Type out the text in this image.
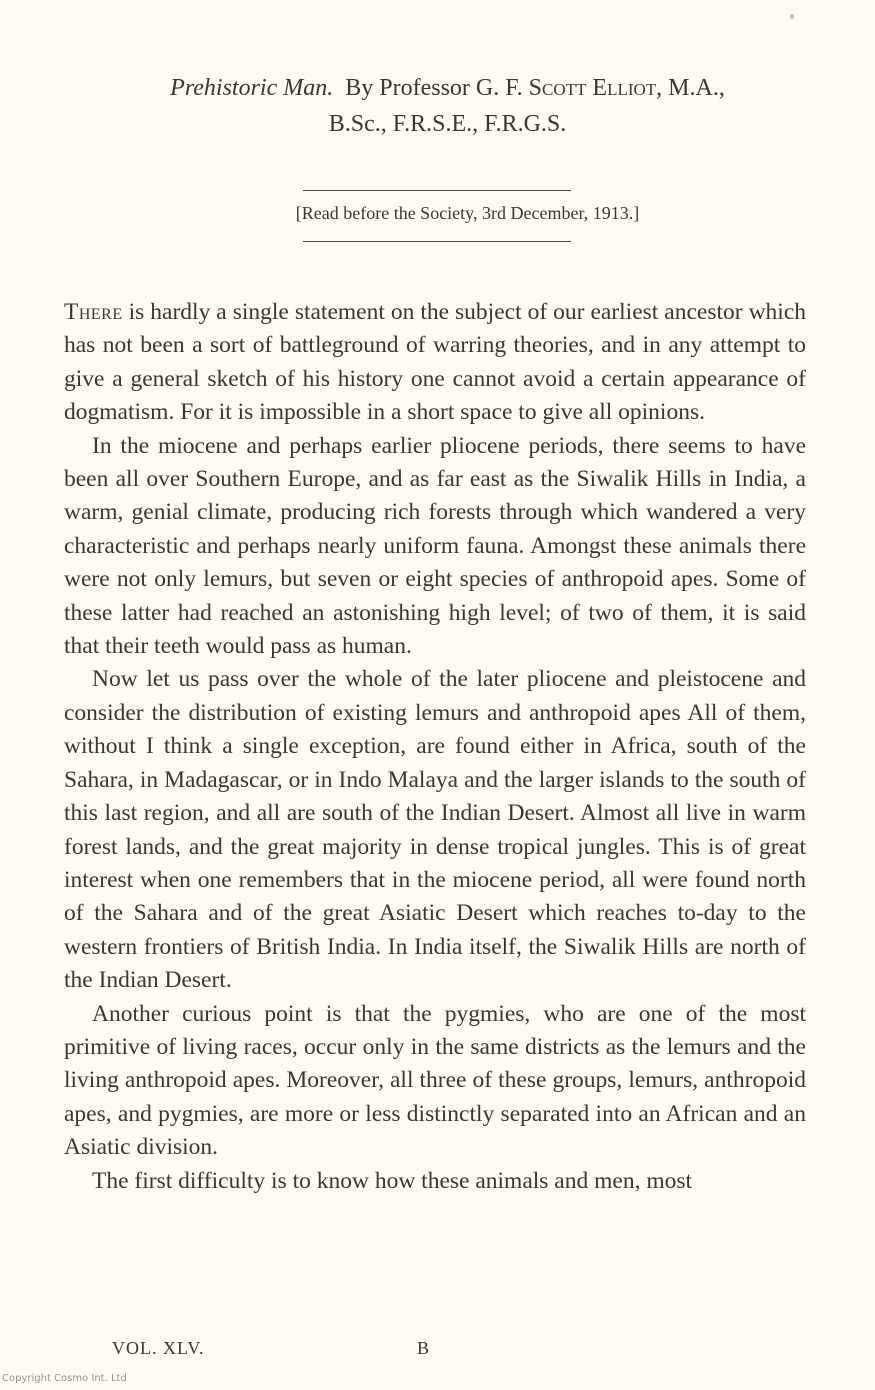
Prehistoric Man. By Professor G. F. Scott Elliot, M.A.,
B.Sc., F.R.S.E., F.R.G.S.
[Read before the Society, 3rd December, 1913.]

There is hardly a single statement on the subject of our earliest ancestor which has not been a sort of battleground of warring theories, and in any attempt to give a general sketch of his history one cannot avoid a certain appearance of dogmatism. For it is impossible in a short space to give all opinions.

In the miocene and perhaps earlier pliocene periods, there seems to have been all over Southern Europe, and as far east as the Siwalik Hills in India, a warm, genial climate, producing rich forests through which wandered a very characteristic and perhaps nearly uniform fauna. Amongst these animals there were not only lemurs, but seven or eight species of anthropoid apes. Some of these latter had reached an astonishing high level; of two of them, it is said that their teeth would pass as human.

Now let us pass over the whole of the later pliocene and pleistocene and consider the distribution of existing lemurs and anthropoid apes All of them, without I think a single exception, are found either in Africa, south of the Sahara, in Madagascar, or in Indo Malaya and the larger islands to the south of this last region, and all are south of the Indian Desert. Almost all live in warm forest lands, and the great majority in dense tropical jungles. This is of great interest when one remembers that in the miocene period, all were found north of the Sahara and of the great Asiatic Desert which reaches to-day to the western frontiers of British India. In India itself, the Siwalik Hills are north of the Indian Desert.

Another curious point is that the pygmies, who are one of the most primitive of living races, occur only in the same districts as the lemurs and the living anthropoid apes. Moreover, all three of these groups, lemurs, anthropoid apes, and pygmies, are more or less distinctly separated into an African and an Asiatic division.

The first difficulty is to know how these animals and men, most

VOL. XLV.	B
Copyright Cosmo Int. Ltd
